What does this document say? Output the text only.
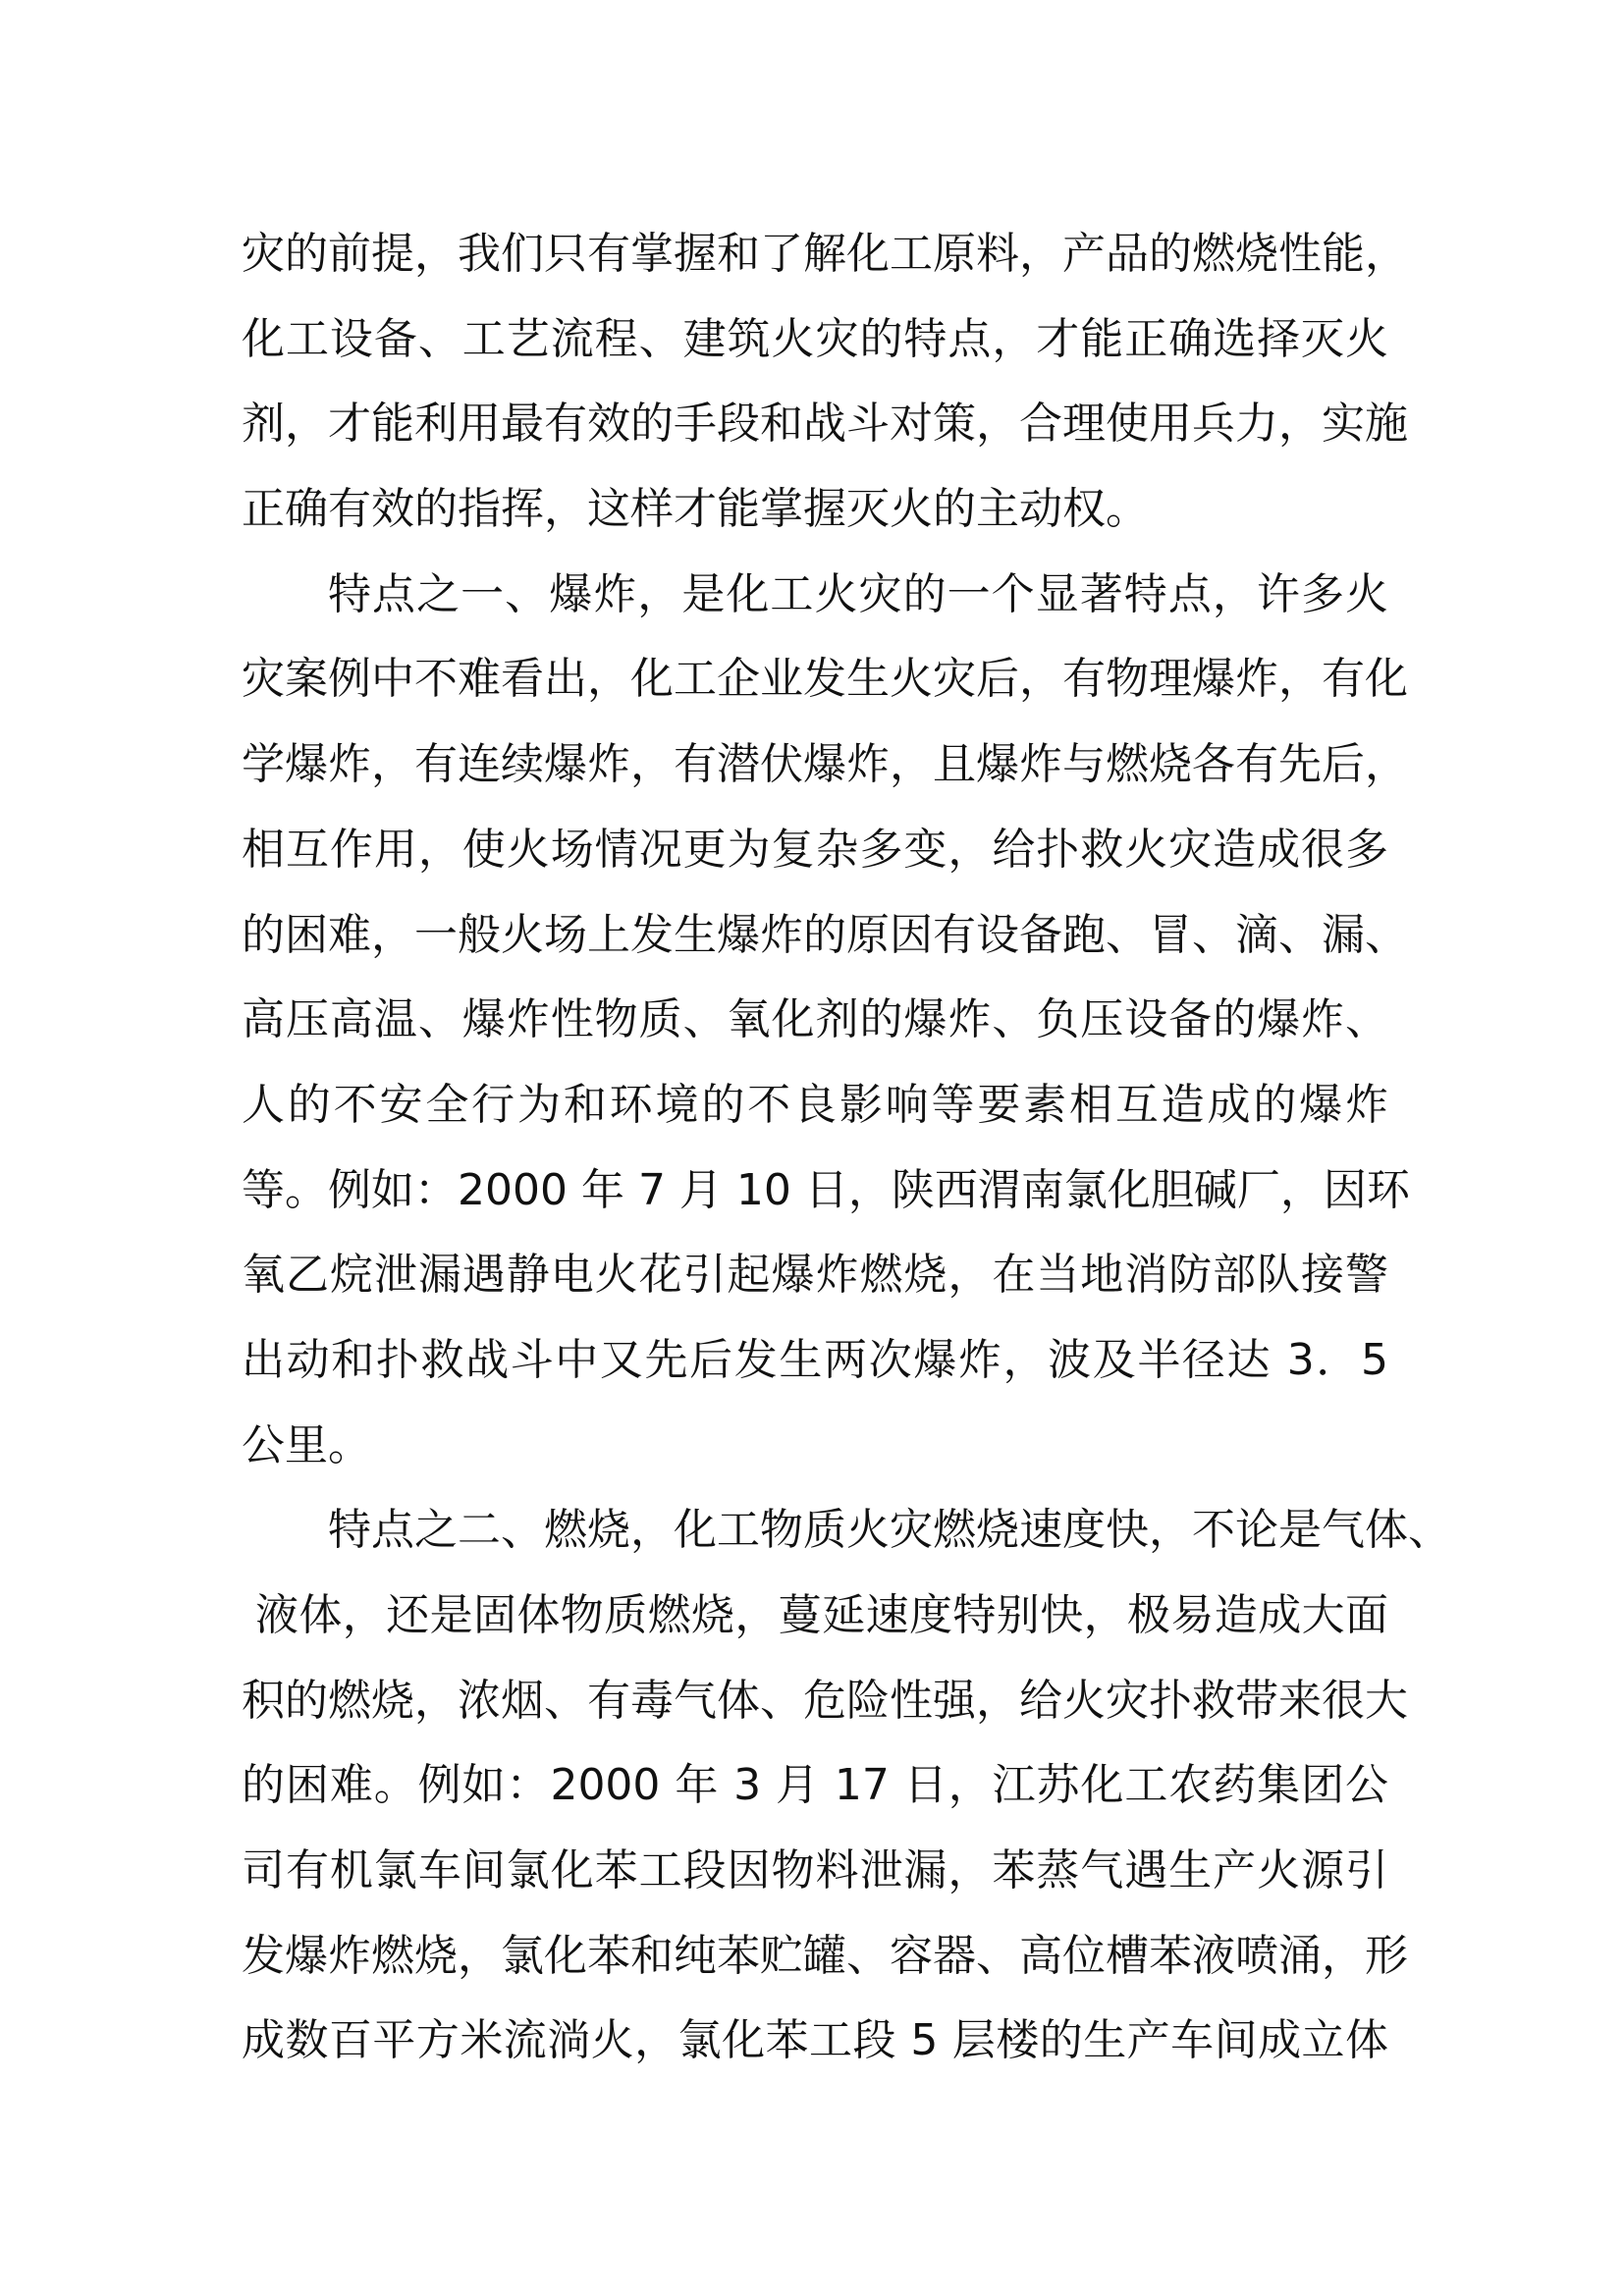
灾的前提，我们只有掌握和了解化工原料，产品的燃烧性能，
化工设备、工艺流程、建筑火灾的特点，才能正确选择灭火
剂，才能利用最有效的手段和战斗对策，合理使用兵力，实施
正确有效的指挥，这样才能掌握灭火的主动权。
特点之一、爆炸，是化工火灾的一个显著特点，许多火
灾案例中不难看出，化工企业发生火灾后，有物理爆炸，有化
学爆炸，有连续爆炸，有潜伏爆炸，且爆炸与燃烧各有先后，
相互作用，使火场情况更为复杂多变，给扑救火灾造成很多
的困难，一般火场上发生爆炸的原因有设备跑、冒、滴、漏、
高压高温、爆炸性物质、氧化剂的爆炸、负压设备的爆炸、
人的不安全行为和环境的不良影响等要素相互造成的爆炸
等。例如：2000 年 7 月 10 日，陕西渭南氯化胆碱厂，因环
氧乙烷泄漏遇静电火花引起爆炸燃烧，在当地消防部队接警
出动和扑救战斗中又先后发生两次爆炸，波及半径达 3．5
公里。
特点之二、燃烧，化工物质火灾燃烧速度快，不论是气体、
液体，还是固体物质燃烧，蔓延速度特别快，极易造成大面
积的燃烧，浓烟、有毒气体、危险性强，给火灾扑救带来很大
的困难。例如：2000 年 3 月 17 日，江苏化工农药集团公
司有机氯车间氯化苯工段因物料泄漏，苯蒸气遇生产火源引
发爆炸燃烧，氯化苯和纯苯贮罐、容器、高位槽苯液喷涌，形
成数百平方米流淌火，氯化苯工段 5 层楼的生产车间成立体
